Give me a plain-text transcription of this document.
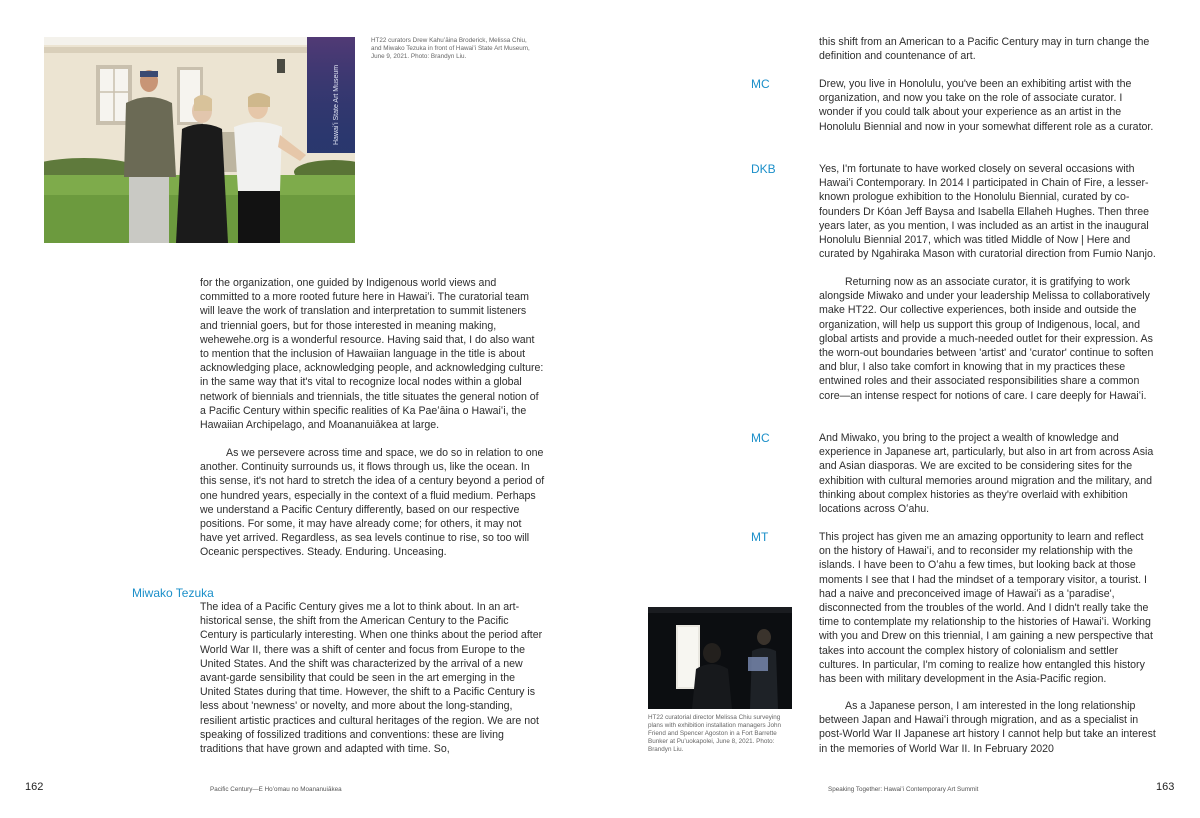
Hawaiʻi State Art Museum
HT22 curators Drew Kahuʻāina Broderick, Melissa Chiu, and Miwako Tezuka in front of Hawaiʻi State Art Museum, June 9, 2021. Photo: Brandyn Liu.
for the organization, one guided by Indigenous world views and committed to a more rooted future here in Hawaiʻi. The curatorial team will leave the work of translation and interpretation to summit listeners and triennial goers, but for those interested in meaning making, wehewehe.org is a wonderful resource. Having said that, I do also want to mention that the inclusion of Hawaiian language in the title is about acknowledging place, acknowledging people, and acknowledging culture: in the same way that it's vital to recognize local nodes within a global network of biennials and triennials, the title situates the general notion of a Pacific Century within specific realities of Ka Paeʻāina o Hawaiʻi, the Hawaiian Archipelago, and Moananuiākea at large.
As we persevere across time and space, we do so in relation to one another. Continuity surrounds us, it flows through us, like the ocean. In this sense, it's not hard to stretch the idea of a century beyond a period of one hundred years, especially in the context of a fluid medium. Perhaps we understand a Pacific Century differently, based on our respective positions. For some, it may have already come; for others, it may not have yet arrived. Regardless, as sea levels continue to rise, so too will Oceanic perspectives. Steady. Enduring. Unceasing.
Miwako Tezuka
The idea of a Pacific Century gives me a lot to think about. In an art-historical sense, the shift from the American Century to the Pacific Century is particularly interesting. When one thinks about the period after World War II, there was a shift of center and focus from Europe to the United States. And the shift was characterized by the arrival of a new avant-garde sensibility that could be seen in the art emerging in the United States during that time. However, the shift to a Pacific Century is less about 'newness' or novelty, and more about the long-standing, resilient artistic practices and cultural heritages of the region. We are not speaking of fossilized traditions and conventions: these are living traditions that have grown and adapted with time. So,
162	Pacific Century—E Hoʻomau no Moananuiākea
this shift from an American to a Pacific Century may in turn change the definition and countenance of art.
MC	Drew, you live in Honolulu, you've been an exhibiting artist with the organization, and now you take on the role of associate curator. I wonder if you could talk about your experience as an artist in the Honolulu Biennial and now in your somewhat different role as a curator.
DKB	Yes, I'm fortunate to have worked closely on several occasions with Hawaiʻi Contemporary. In 2014 I participated in Chain of Fire, a lesser-known prologue exhibition to the Honolulu Biennial, curated by co-founders Dr Kóan Jeff Baysa and Isabella Ellaheh Hughes. Then three years later, as you mention, I was included as an artist in the inaugural Honolulu Biennial 2017, which was titled Middle of Now | Here and curated by Ngahiraka Mason with curatorial direction from Fumio Nanjo.
Returning now as an associate curator, it is gratifying to work alongside Miwako and under your leadership Melissa to collaboratively make HT22. Our collective experiences, both inside and outside the organization, will help us support this group of Indigenous, local, and global artists and provide a much-needed outlet for their expression. As the worn-out boundaries between 'artist' and 'curator' continue to soften and blur, I also take comfort in knowing that in my practices these entwined roles and their associated responsibilities share a common core—an intense respect for notions of care. I care deeply for Hawaiʻi.
MC	And Miwako, you bring to the project a wealth of knowledge and experience in Japanese art, particularly, but also in art from across Asia and Asian diasporas. We are excited to be considering sites for the exhibition with cultural memories around migration and the military, and thinking about complex histories as they're overlaid with exhibition locations across Oʻahu.
MT	This project has given me an amazing opportunity to learn and reflect on the history of Hawaiʻi, and to reconsider my relationship with the islands. I have been to Oʻahu a few times, but looking back at those moments I see that I had the mindset of a temporary visitor, a tourist. I had a naive and preconceived image of Hawaiʻi as a 'paradise', disconnected from the troubles of the world. And I didn't really take the time to contemplate my relationship to the histories of Hawaiʻi. Working with you and Drew on this triennial, I am gaining a new perspective that takes into account the complex history of colonialism and settler cultures. In particular, I'm coming to realize how entangled this history has been with military development in the Asia-Pacific region.
As a Japanese person, I am interested in the long relationship between Japan and Hawaiʻi through migration, and as a specialist in post-World War II Japanese art history I cannot help but take an interest in the memories of World War II. In February 2020
HT22 curatorial director Melissa Chiu surveying plans with exhibition installation managers John Friend and Spencer Agoston in a Fort Barrette Bunker at Puʻuokapolei, June 8, 2021. Photo: Brandyn Liu.
Speaking Together: Hawaiʻi Contemporary Art Summit	163
